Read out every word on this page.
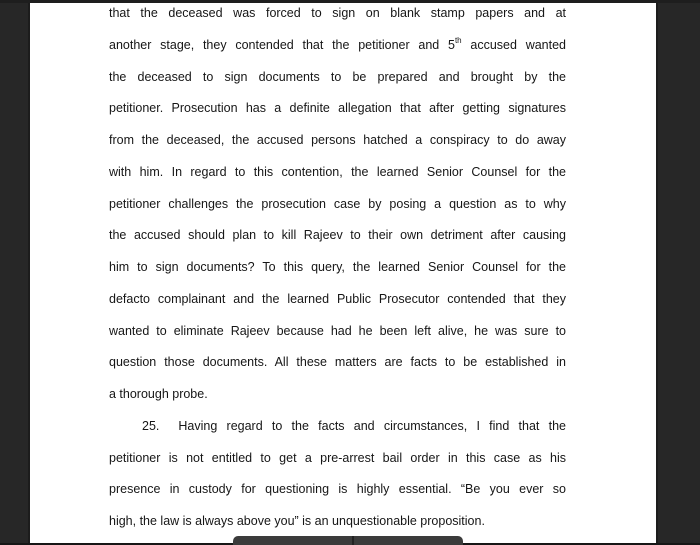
that the deceased was forced to sign on blank stamp papers and at
another stage, they contended that the petitioner and 5th accused wanted
the deceased to sign documents to be prepared and brought by the
petitioner. Prosecution has a definite allegation that after getting signatures
from the deceased, the accused persons hatched a conspiracy to do away
with him. In regard to this contention, the learned Senior Counsel for the
petitioner challenges the prosecution case by posing a question as to why
the accused should plan to kill Rajeev to their own detriment after causing
him to sign documents? To this query, the learned Senior Counsel for the
defacto complainant and the learned Public Prosecutor contended that they
wanted to eliminate Rajeev because had he been left alive, he was sure to
question those documents. All these matters are facts to be established in
a thorough probe.
25. Having regard to the facts and circumstances, I find that the
petitioner is not entitled to get a pre-arrest bail order in this case as his
presence in custody for questioning is highly essential. “Be you ever so
high, the law is always above you” is an unquestionable proposition.
